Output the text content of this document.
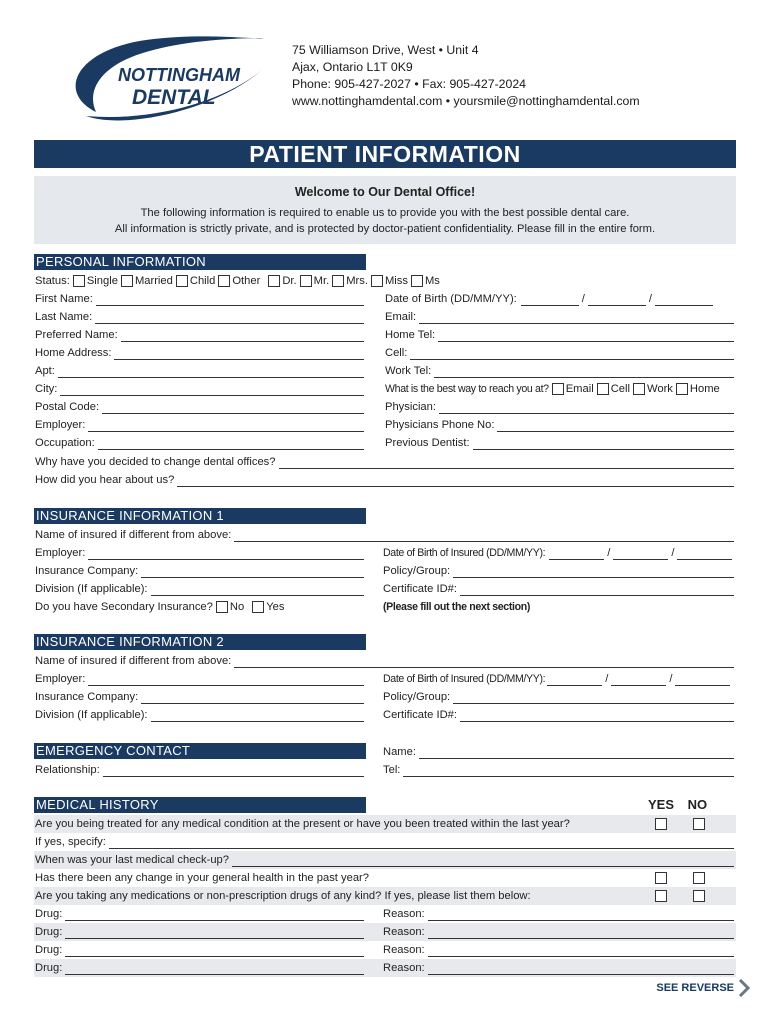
NOTTINGHAM
DENTAL
75 Williamson Drive, West • Unit 4
Ajax, Ontario L1T 0K9
Phone: 905-427-2027 • Fax: 905-427-2024
www.nottinghamdental.com • yoursmile@nottinghamdental.com
PATIENT INFORMATION
Welcome to Our Dental Office!
The following information is required to enable us to provide you with the best possible dental care.
All information is strictly private, and is protected by doctor-patient confidentiality. Please fill in the entire form.
PERSONAL INFORMATION
Status: Single Married Child Other Dr. Mr. Mrs. Miss Ms
First Name:	Date of Birth (DD/MM/YY):	/	/
Last Name:	Email:
Preferred Name:	Home Tel:
Home Address:	Cell:
Apt:	Work Tel:
City:	What is the best way to reach you at? Email Cell Work Home
Postal Code:	Physician:
Employer:	Physicians Phone No:
Occupation:	Previous Dentist:
Why have you decided to change dental offices?
How did you hear about us?
INSURANCE INFORMATION 1
Name of insured if different from above:
Employer:	Date of Birth of Insured (DD/MM/YY):	/	/
Insurance Company:	Policy/Group:
Division (If applicable):	Certificate ID#:
Do you have Secondary Insurance? No Yes	(Please fill out the next section)
INSURANCE INFORMATION 2
Name of insured if different from above:
Employer:	Date of Birth of Insured (DD/MM/YY):	/	/
Insurance Company:	Policy/Group:
Division (If applicable):	Certificate ID#:
EMERGENCY CONTACT	Name:
Relationship:	Tel:
MEDICAL HISTORY	YES NO
Are you being treated for any medical condition at the present or have you been treated within the last year?
If yes, specify:
When was your last medical check-up?
Has there been any change in your general health in the past year?
Are you taking any medications or non-prescription drugs of any kind? If yes, please list them below:
Drug:	Reason:
Drug:	Reason:
Drug:	Reason:
Drug:	Reason:
SEE REVERSE
